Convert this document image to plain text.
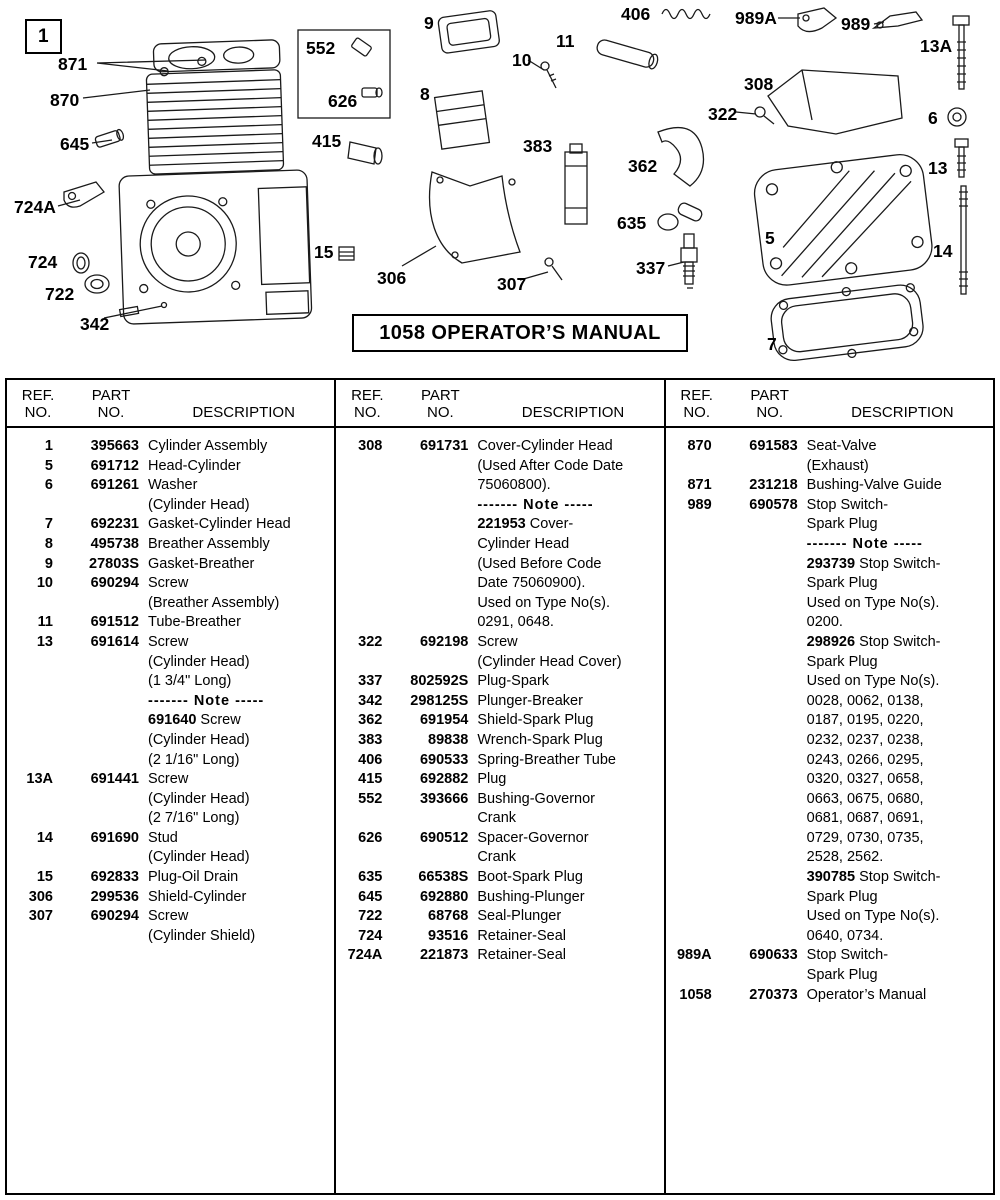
1
871
870
645
724A
724
722
342
552
626
415
15
306	307
9
10
8
383
11
362
635
337
406	989A	989
308
322
13A
6
13
5
14
7
1058 OPERATOR’S MANUAL
REF.
NO.
PART
NO.	DESCRIPTION
1	395663 Cylinder Assembly
5	691712 Head-Cylinder
6	691261 Washer
(Cylinder Head)
7	692231 Gasket-Cylinder Head
8	495738 Breather Assembly
9	27803S Gasket-Breather
10	690294 Screw
(Breather Assembly)
11	691512 Tube-Breather
13	691614 Screw
(Cylinder Head)
(1 3/4" Long)
------- Note -----
691640 Screw
(Cylinder Head)
(2 1/16" Long)
13A	691441 Screw
(Cylinder Head)
(2 7/16" Long)
14	691690 Stud
(Cylinder Head)
15	692833 Plug-Oil Drain
306	299536 Shield-Cylinder
307	690294 Screw
(Cylinder Shield)
REF.
NO.
PART
NO.	DESCRIPTION
308	691731 Cover-Cylinder Head
(Used After Code Date
75060800).
------- Note -----
221953 Cover-
Cylinder Head
(Used Before Code
Date 75060900).
Used on Type No(s).
0291, 0648.
322	692198 Screw
(Cylinder Head Cover)
337	802592S Plug-Spark
342	298125S Plunger-Breaker
362	691954 Shield-Spark Plug
383	89838 Wrench-Spark Plug
406	690533 Spring-Breather Tube
415	692882 Plug
552	393666 Bushing-Governor
Crank
626	690512 Spacer-Governor
Crank
635	66538S Boot-Spark Plug
645	692880 Bushing-Plunger
722	68768 Seal-Plunger
724	93516 Retainer-Seal
724A	221873 Retainer-Seal
REF.
NO.
PART
NO.	DESCRIPTION
870	691583 Seat-Valve
(Exhaust)
871	231218 Bushing-Valve Guide
989	690578 Stop Switch-
Spark Plug
------- Note -----
293739 Stop Switch-
Spark Plug
Used on Type No(s).
0200.
298926 Stop Switch-
Spark Plug
Used on Type No(s).
0028, 0062, 0138,
0187, 0195, 0220,
0232, 0237, 0238,
0243, 0266, 0295,
0320, 0327, 0658,
0663, 0675, 0680,
0681, 0687, 0691,
0729, 0730, 0735,
2528, 2562.
390785 Stop Switch-
Spark Plug
Used on Type No(s).
0640, 0734.
989A	690633 Stop Switch-
Spark Plug
1058	270373 Operator’s Manual
